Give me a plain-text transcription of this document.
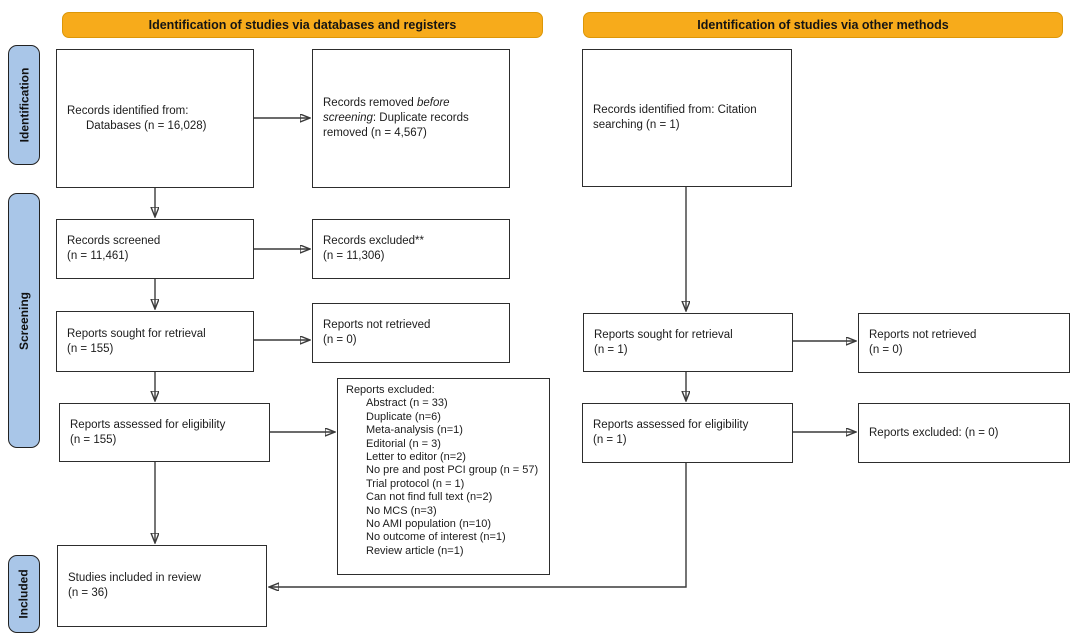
Identification of studies via databases and registers	Identification of studies via other methods
Identification
Screening
Included
Records identified from:
Databases (n = 16,028)
Records removed before screening: Duplicate records removed (n = 4,567)
Records screened
(n = 11,461)
Records excluded**
(n = 11,306)
Reports sought for retrieval
(n = 155)
Reports not retrieved
(n = 0)
Reports assessed for eligibility
(n = 155)
Reports excluded:
Abstract (n = 33)
Duplicate (n=6)
Meta-analysis (n=1)
Editorial (n = 3)
Letter to editor (n=2)
No pre and post PCI group (n = 57)
Trial protocol (n = 1)
Can not find full text (n=2)
No MCS (n=3)
No AMI population (n=10)
No outcome of interest (n=1)
Review article (n=1)
Studies included in review
(n = 36)
Records identified from: Citation searching (n = 1)
Reports sought for retrieval
(n = 1)
Reports not retrieved
(n = 0)
Reports assessed for eligibility
(n = 1)
Reports excluded: (n = 0)
